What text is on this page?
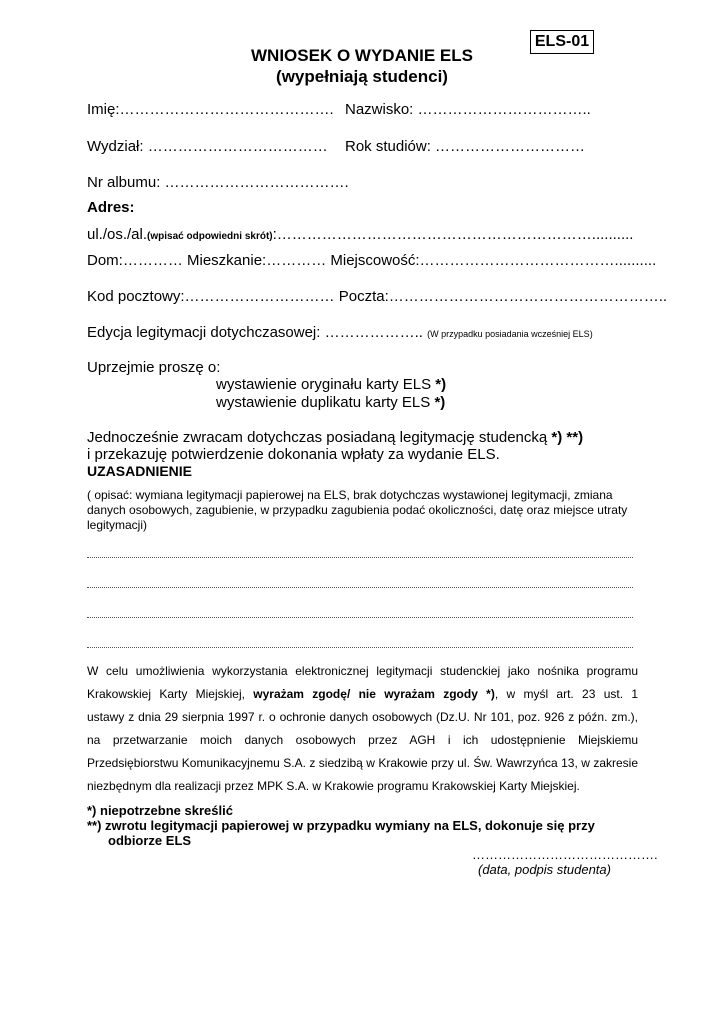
ELS-01
WNIOSEK O WYDANIE ELS
(wypełniają studenci)
Imię:……………………………………. Nazwisko: ……………………………..
Wydział: ……………………………… Rok studiów: …………………………
Nr albumu: ……………………………….
Adres:
ul./os./al.(wpisać odpowiedni skrót):………………………………………………………..........
Dom:………… Mieszkanie:………… Miejscowość:…………………………………..........
Kod pocztowy:………………………… Poczta:………………………………………………..
Edycja legitymacji dotychczasowej: ……………….. (W przypadku posiadania wcześniej ELS)
Uprzejmie proszę o:
wystawienie oryginału karty ELS *)
wystawienie duplikatu karty ELS *)
Jednocześnie zwracam dotychczas posiadaną legitymację studencką *) **)
i przekazuję potwierdzenie dokonania wpłaty za wydanie ELS.
UZASADNIENIE
( opisać: wymiana legitymacji papierowej na ELS, brak dotychczas wystawionej legitymacji, zmiana
danych osobowych, zagubienie, w przypadku zagubienia podać okoliczności, datę oraz miejsce utraty
legitymacji)
W celu umożliwienia wykorzystania elektronicznej legitymacji studenckiej jako nośnika programu
Krakowskiej Karty Miejskiej, wyrażam zgodę/ nie wyrażam zgody *), w myśl art. 23 ust. 1
ustawy z dnia 29 sierpnia 1997 r. o ochronie danych osobowych (Dz.U. Nr 101, poz. 926 z późn. zm.),
na przetwarzanie moich danych osobowych przez AGH i ich udostępnienie Miejskiemu
Przedsiębiorstwu Komunikacyjnemu S.A. z siedzibą w Krakowie przy ul. Św. Wawrzyńca 13, w zakresie
niezbędnym dla realizacji przez MPK S.A. w Krakowie programu Krakowskiej Karty Miejskiej.
*) niepotrzebne skreślić
**) zwrotu legitymacji papierowej w przypadku wymiany na ELS, dokonuje się przy
odbiorze ELS
…………………………………….
(data, podpis studenta)
